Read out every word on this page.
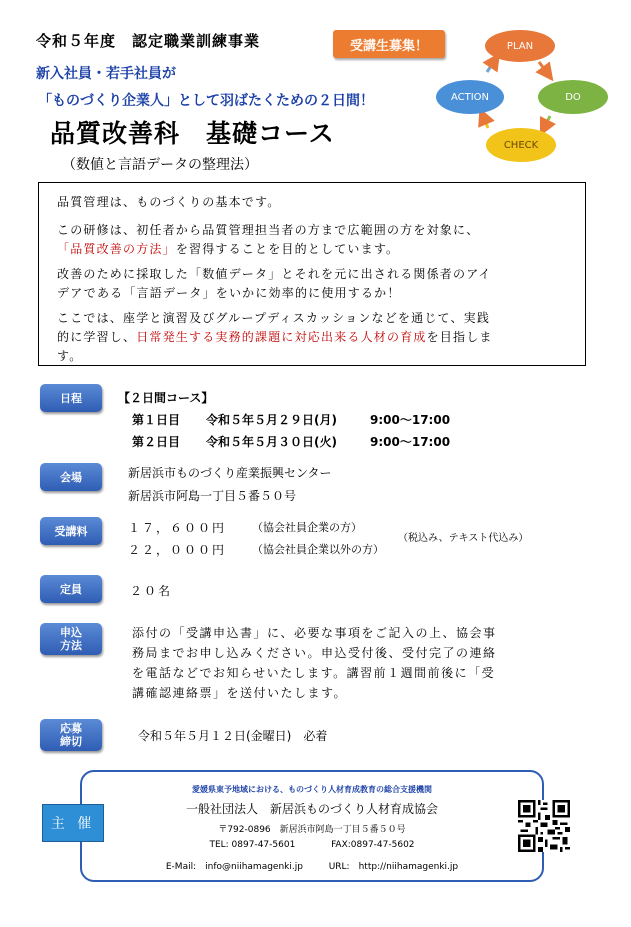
令和５年度　認定職業訓練事業	受講生募集！
新入社員・若手社員が
「ものづくり企業人」として羽ばたくための２日間！
品質改善科　基礎コース
（数値と言語データの整理法）
PLAN
DO
CHECK
ACTION
品質管理は、ものづくりの基本です。
この研修は、初任者から品質管理担当者の方まで広範囲の方を対象に、
「品質改善の方法」を習得することを目的としています。
改善のために採取した「数値データ」とそれを元に出される関係者のアイ
デアである「言語データ」をいかに効率的に使用するか！
ここでは、座学と演習及びグループディスカッションなどを通じて、実践
的に学習し、日常発生する実務的課題に対応出来る人材の育成を目指しま
す。
日程	【２日間コース】
第１日目 令和５年５月２９日(月)	9:00～17:00
第２日目 令和５年５月３０日(火)	9:00～17:00
会場	新居浜市ものづくり産業振興センター
新居浜市阿島一丁目５番５０号
受講料	１７，６００円 （協会社員企業の方）
２２，０００円 （協会社員企業以外の方）
（税込み、テキスト代込み）
定員	２０名
申込
方法
添付の「受講申込書」に、必要な事項をご記入の上、協会事
務局までお申し込みください。申込受付後、受付完了の連絡
を電話などでお知らせいたします。講習前１週間前後に「受
講確認連絡票」を送付いたします。
応募
締切	令和５年５月１２日(金曜日)　必着
愛媛県東予地域における、ものづくり人材育成教育の総合支援機関
一般社団法人　新居浜ものづくり人材育成協会
〒792-0896　新居浜市阿島一丁目５番５０号
TEL: 0897-47-5601	FAX:0897-47-5602
E-Mail:　info@niihamagenki.jp	URL:　http://niihamagenki.jp
主 催
